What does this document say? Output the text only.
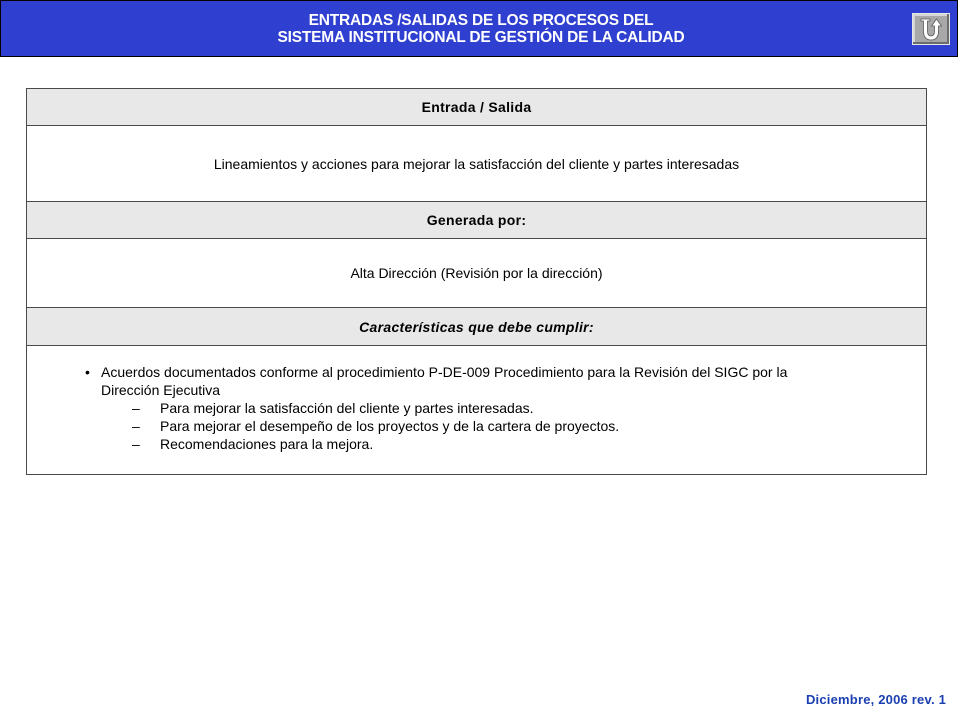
ENTRADAS /SALIDAS DE LOS PROCESOS DEL
SISTEMA INSTITUCIONAL DE GESTIÓN DE LA CALIDAD
Entrada / Salida
Lineamientos y acciones para mejorar la satisfacción del cliente y partes interesadas
Generada por:
Alta Dirección (Revisión por la dirección)
Características que debe cumplir:
• Acuerdos documentados conforme al procedimiento P-DE-009 Procedimiento para la Revisión del SIGC por la
Dirección Ejecutiva
– Para mejorar la satisfacción del cliente y partes interesadas.
– Para mejorar el desempeño de los proyectos y de la cartera de proyectos.
– Recomendaciones para la mejora.
Diciembre, 2006 rev. 1
